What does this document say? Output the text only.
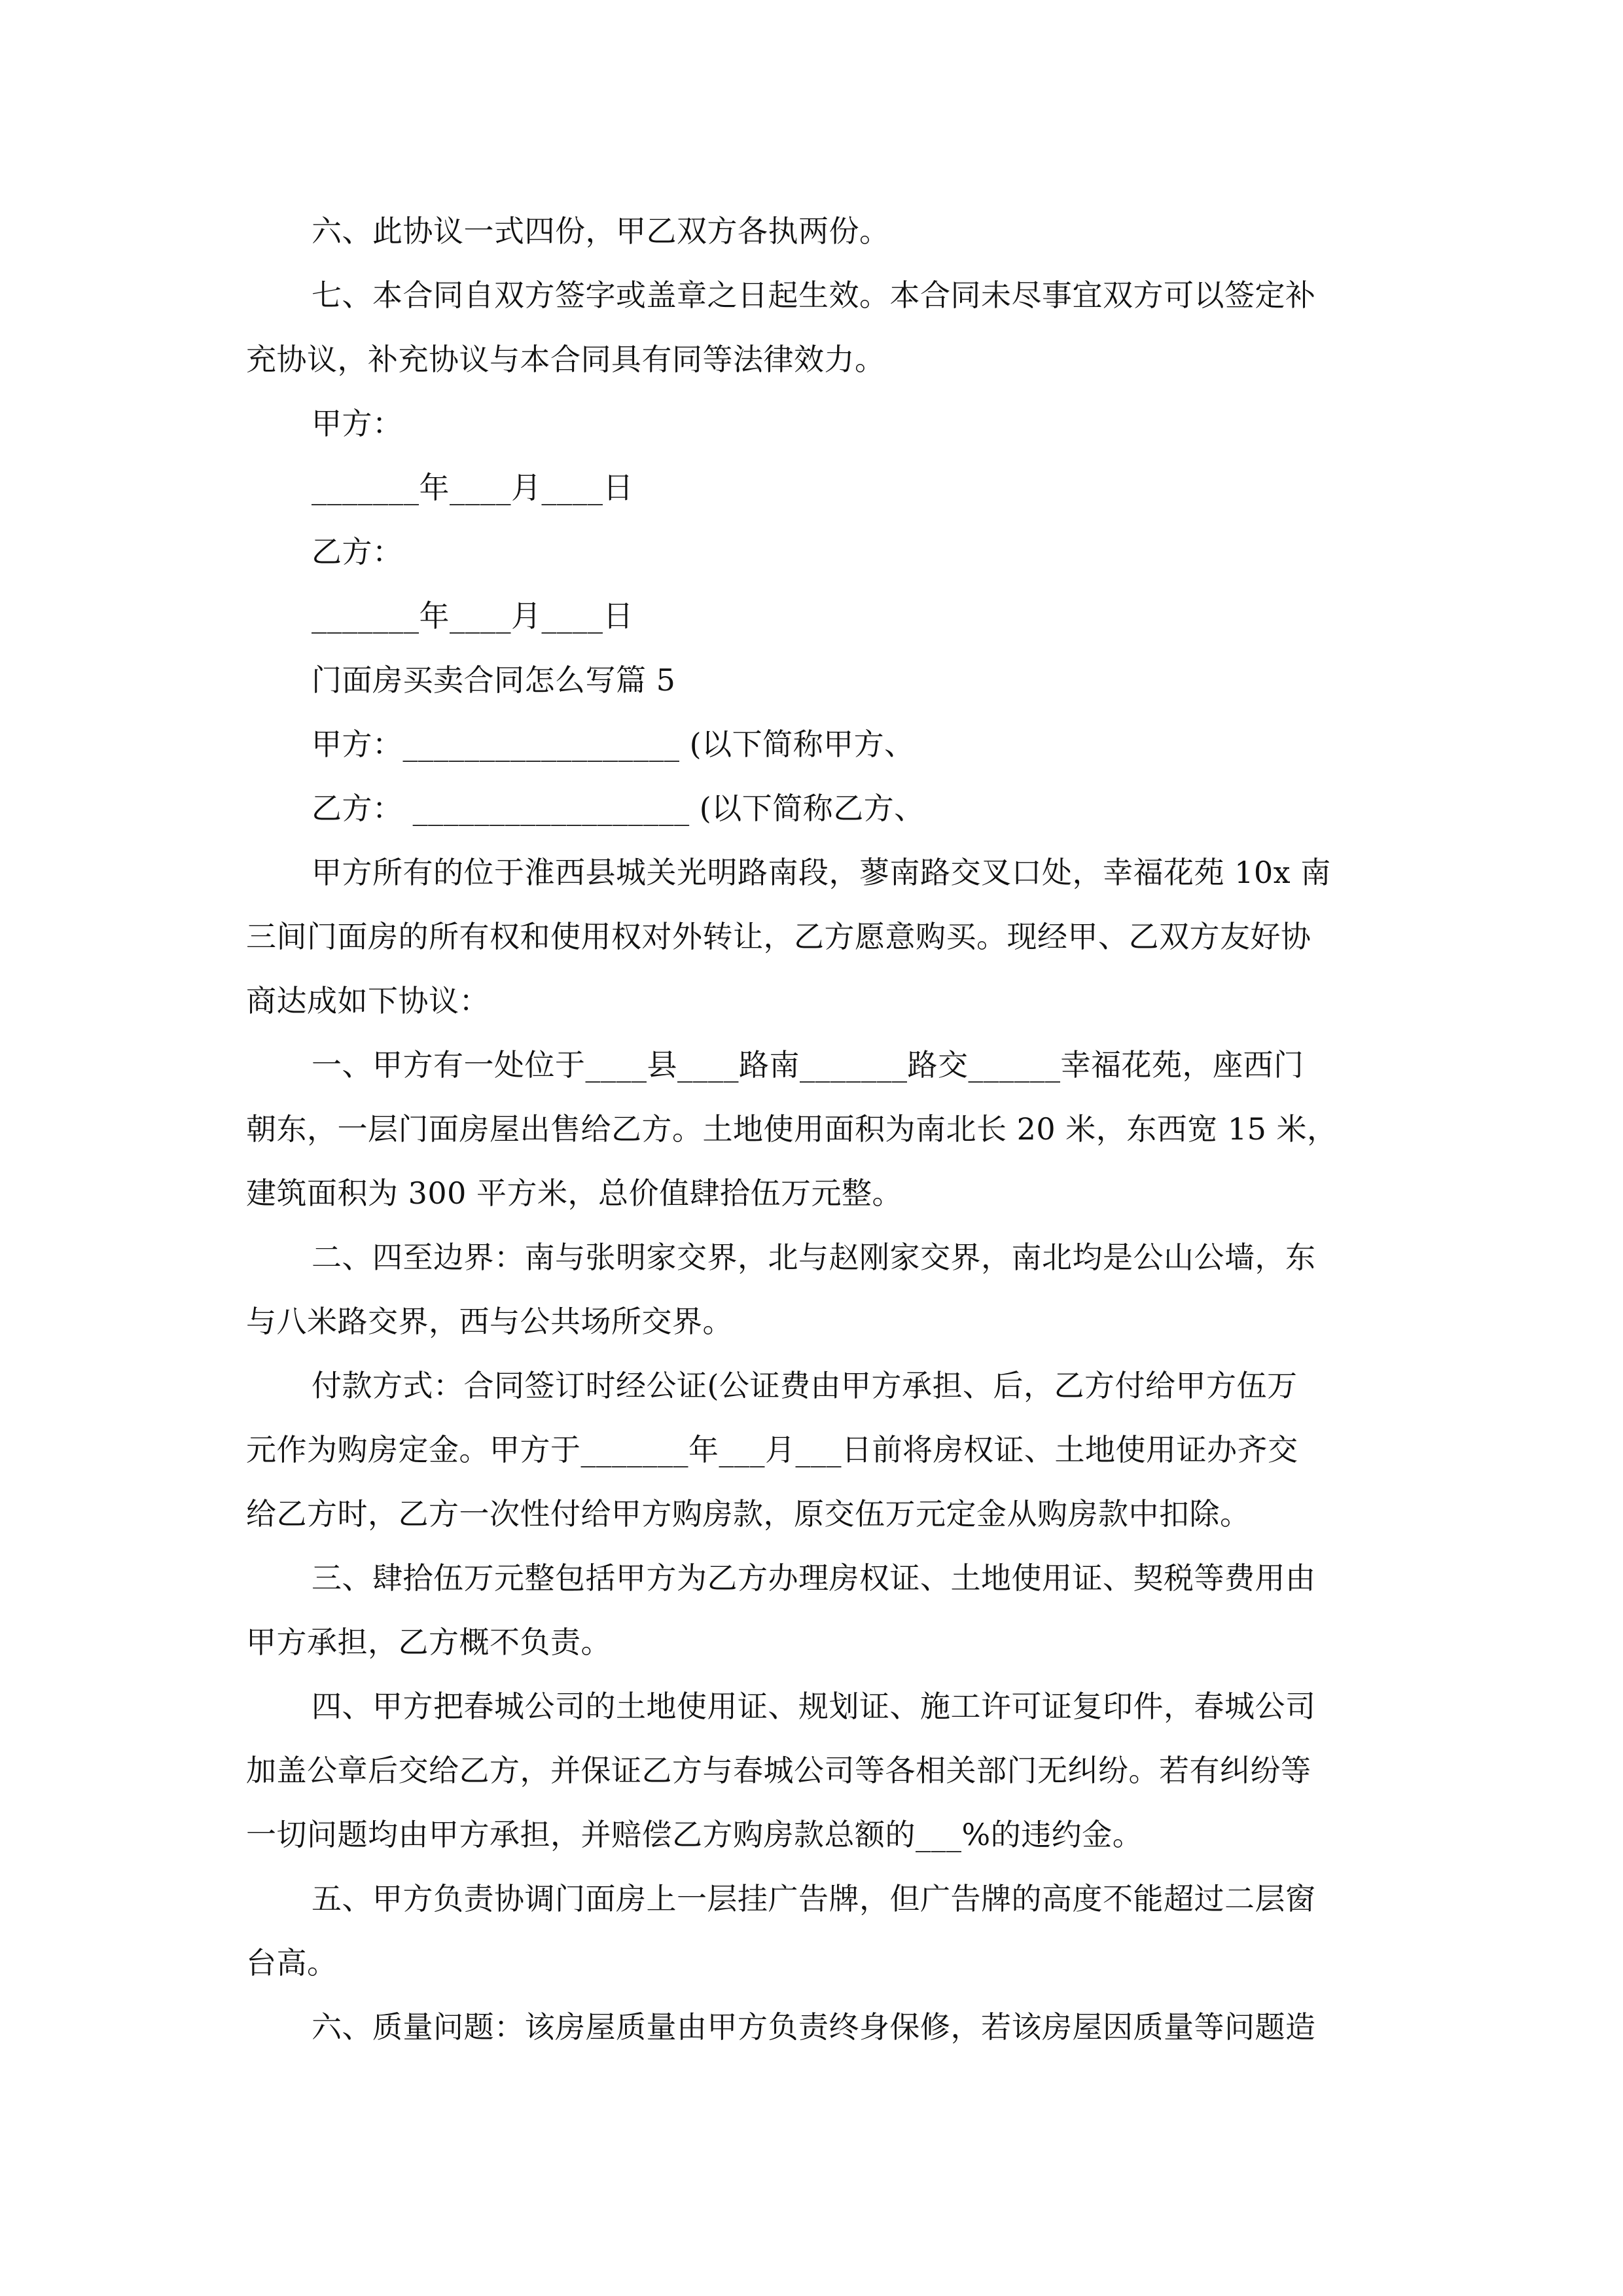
六、此协议一式四份，甲乙双方各执两份。
七、本合同自双方签字或盖章之日起生效。本合同未尽事宜双方可以签定补
充协议，补充协议与本合同具有同等法律效力。
甲方：
_______年____月____日
乙方：
_______年____月____日
门面房买卖合同怎么写篇 5
甲方：__________________ (以下简称甲方、
乙方： __________________ (以下简称乙方、
甲方所有的位于淮西县城关光明路南段，蓼南路交叉口处，幸福花苑 10x 南
三间门面房的所有权和使用权对外转让，乙方愿意购买。现经甲、乙双方友好协
商达成如下协议：
一、甲方有一处位于____县____路南_______路交______幸福花苑，座西门
朝东，一层门面房屋出售给乙方。土地使用面积为南北长 20 米，东西宽 15 米，
建筑面积为 300 平方米，总价值肆拾伍万元整。
二、四至边界：南与张明家交界，北与赵刚家交界，南北均是公山公墙，东
与八米路交界，西与公共场所交界。
付款方式：合同签订时经公证(公证费由甲方承担、后，乙方付给甲方伍万
元作为购房定金。甲方于_______年___月___日前将房权证、土地使用证办齐交
给乙方时，乙方一次性付给甲方购房款，原交伍万元定金从购房款中扣除。
三、肆拾伍万元整包括甲方为乙方办理房权证、土地使用证、契税等费用由
甲方承担，乙方概不负责。
四、甲方把春城公司的土地使用证、规划证、施工许可证复印件，春城公司
加盖公章后交给乙方，并保证乙方与春城公司等各相关部门无纠纷。若有纠纷等
一切问题均由甲方承担，并赔偿乙方购房款总额的___%的违约金。
五、甲方负责协调门面房上一层挂广告牌，但广告牌的高度不能超过二层窗
台高。
六、质量问题：该房屋质量由甲方负责终身保修，若该房屋因质量等问题造
